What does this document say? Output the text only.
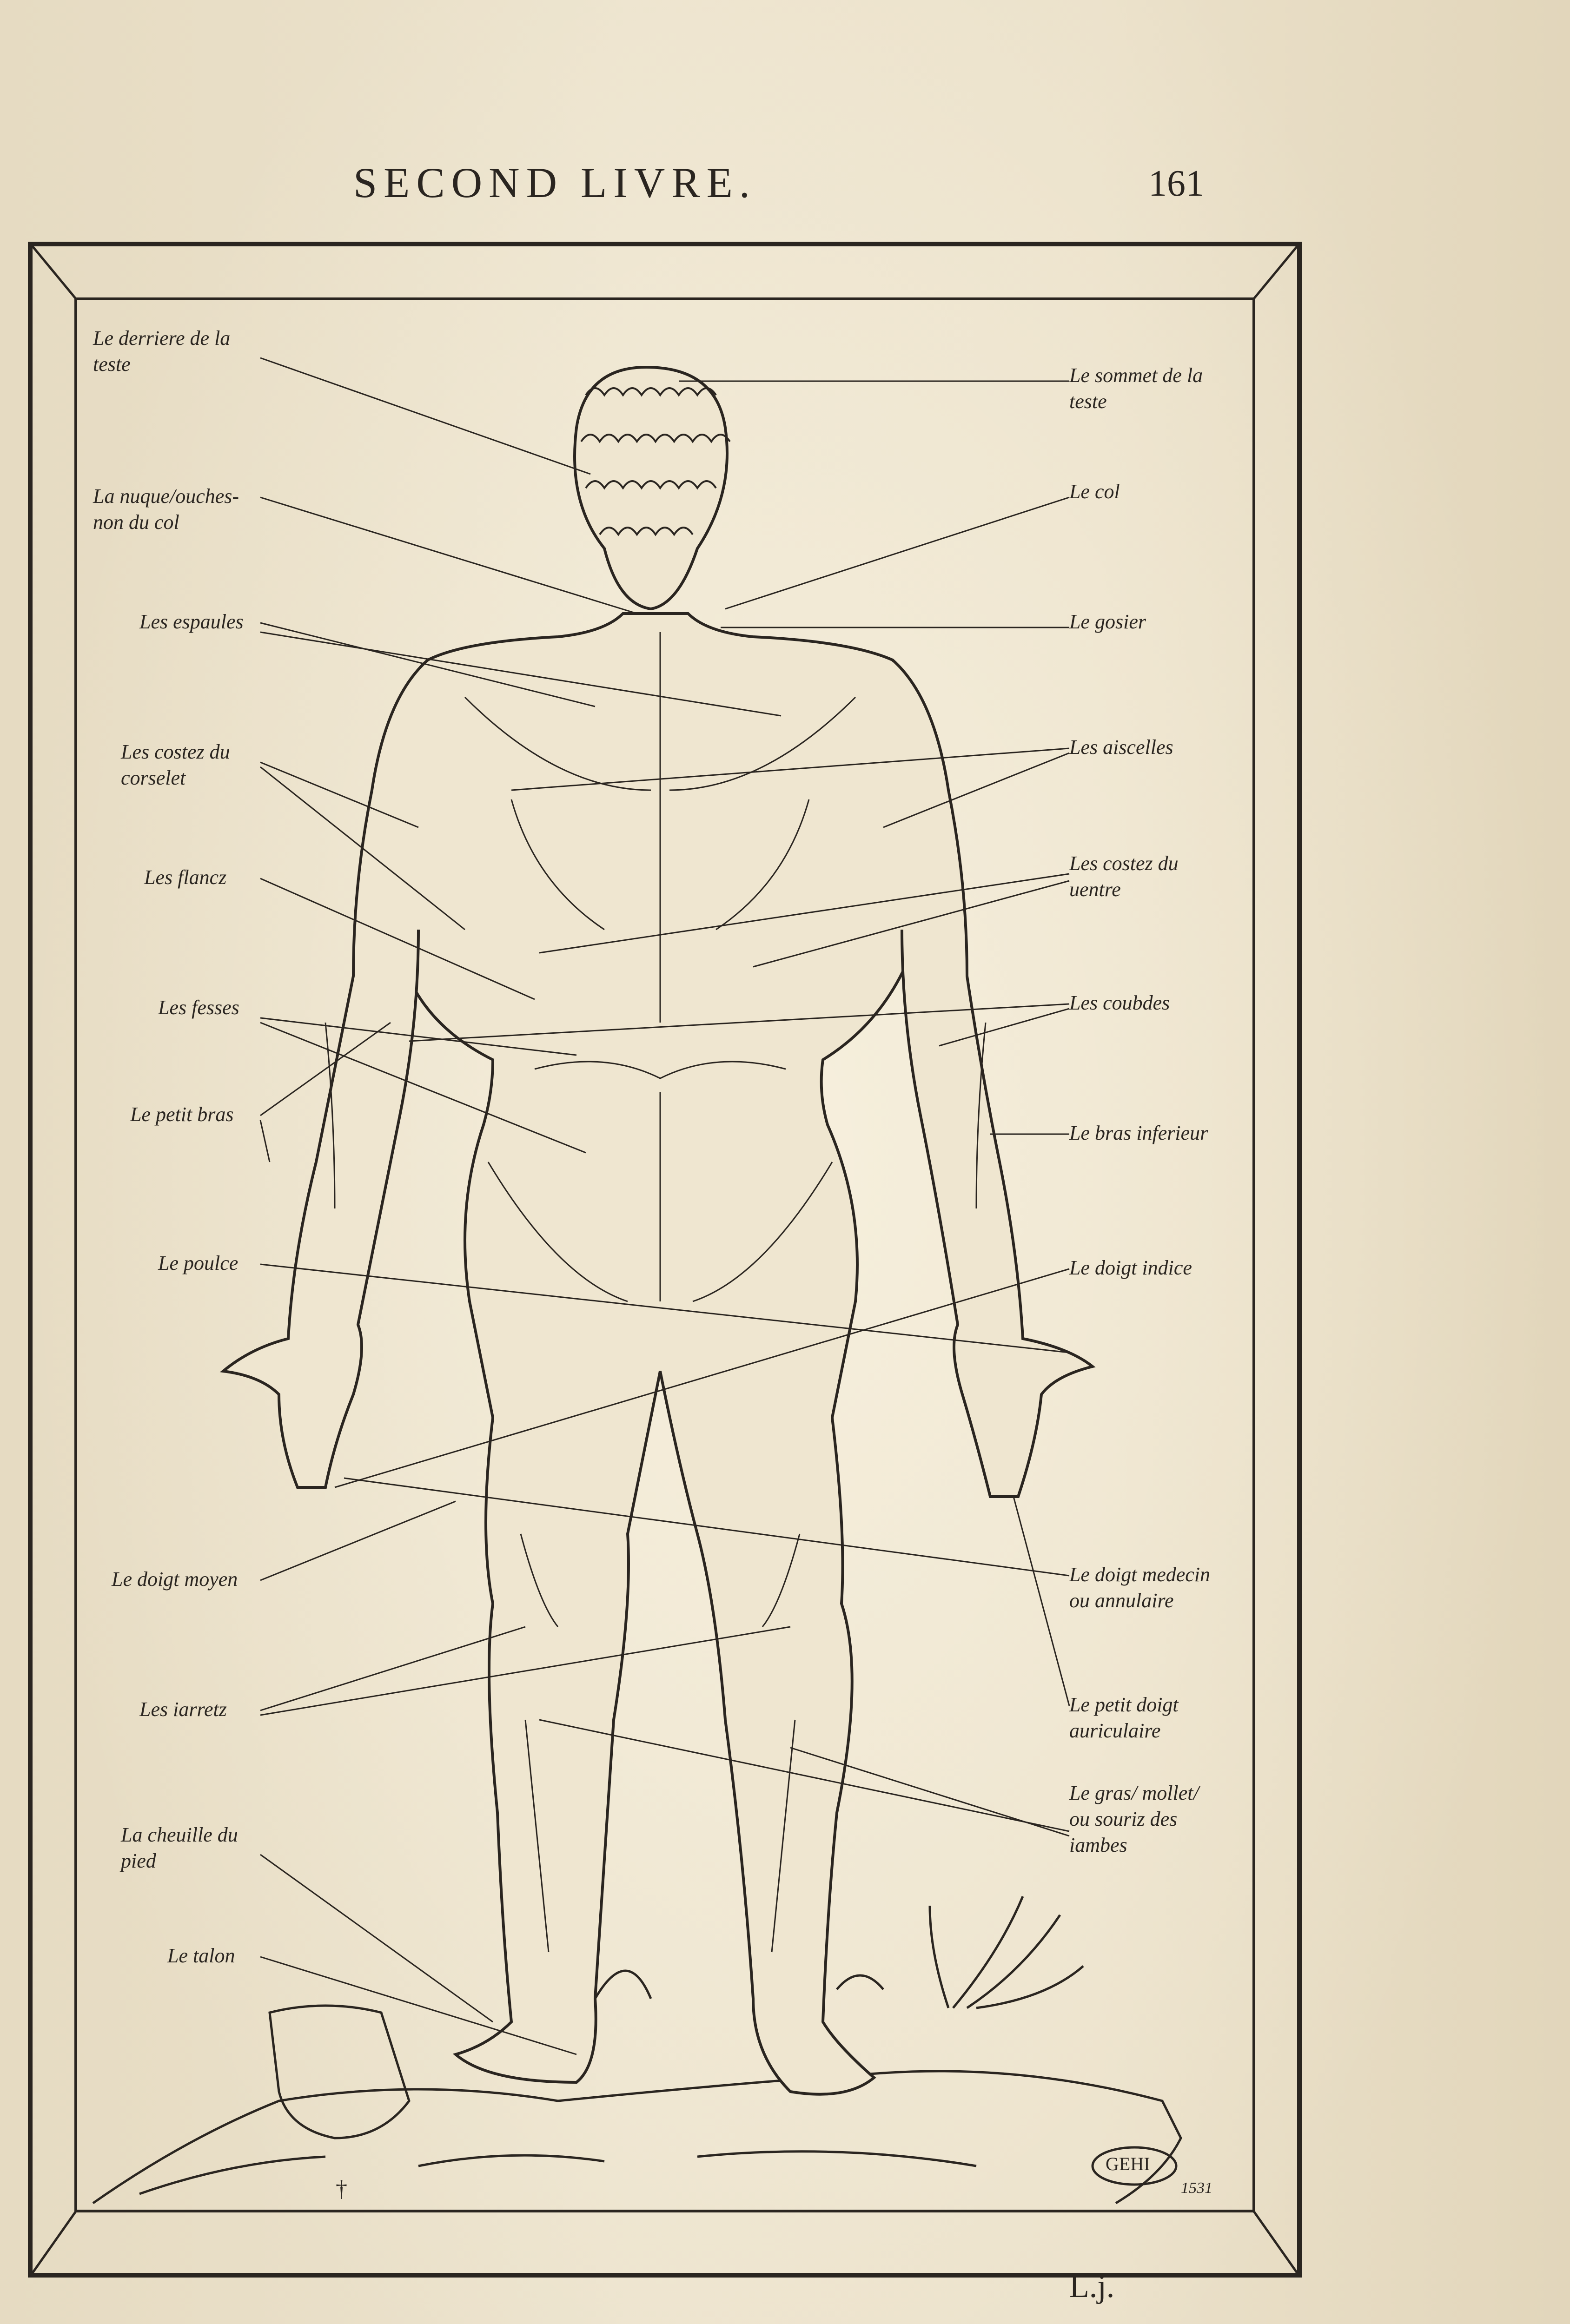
SECOND LIVRE.	161
GEHI
1531
†
Le derriere de la
teste
La nuque/ouches-
non du col
Les espaules
Les costez du
corselet
Les flancz
Les fesses
Le petit bras
Le poulce
Le doigt moyen
Les iarretz
La cheuille du
pied
Le talon
Le sommet de la
teste
Le col
Le gosier
Les aiscelles
Les costez du
uentre
Les coubdes
Le bras inferieur
Le doigt indice
Le doigt medecin
ou annulaire
Le petit doigt
auriculaire
Le gras/ mollet/
ou souriz des
iambes
L.j.
